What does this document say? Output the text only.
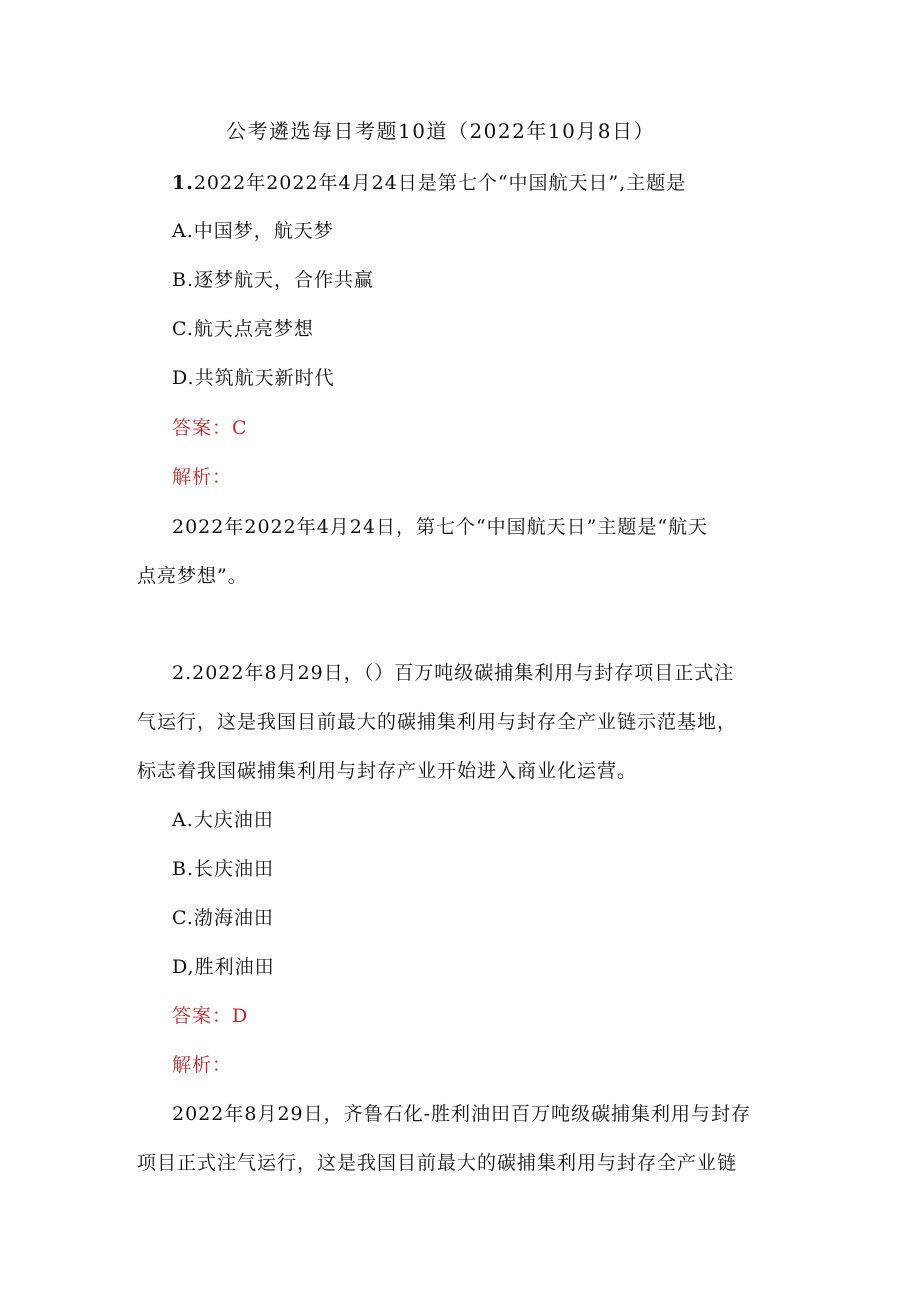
公考遴选每日考题10道（2022年10月8日）
1.2022年2022年4月24日是第七个“中国航天日”,主题是
A.中国梦，航天梦
B.逐梦航天，合作共赢
C.航天点亮梦想
D.共筑航天新时代
答案：C
解析：
2022年2022年4月24日，第七个“中国航天日”主题是“航天
点亮梦想”。
2.2022年8月29日，（）百万吨级碳捕集利用与封存项目正式注
气运行，这是我国目前最大的碳捕集利用与封存全产业链示范基地，
标志着我国碳捕集利用与封存产业开始进入商业化运营。
A.大庆油田
B.长庆油田
C.渤海油田
D,胜利油田
答案：D
解析：
2022年8月29日，齐鲁石化-胜利油田百万吨级碳捕集利用与封存
项目正式注气运行，这是我国目前最大的碳捕集利用与封存全产业链
